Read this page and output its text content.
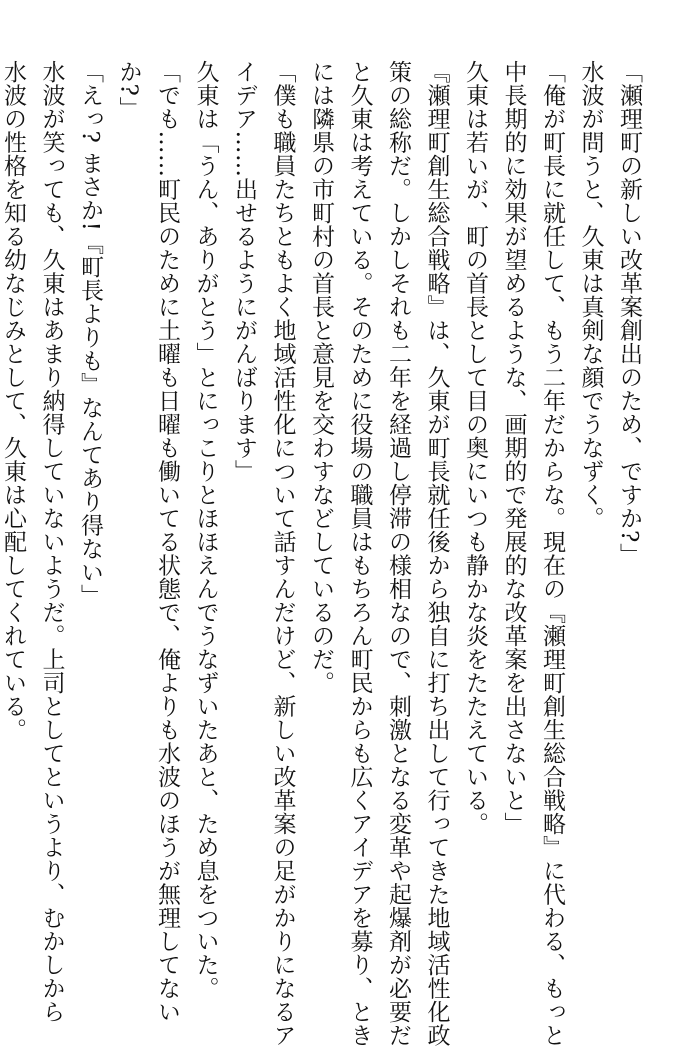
「瀬理町の新しい改革案創出のため、ですか?」

水波が問うと、久東は真剣な顔でうなずく。

「俺が町長に就任して、もう二年だからな。現在の『瀬理町創生総合戦略』に代わる、もっと

中長期的に効果が望めるような、画期的で発展的な改革案を出さないと」

久東は若いが、町の首長として目の奥にいつも静かな炎をたたえている。

『瀬理町創生総合戦略』は、久東が町長就任後から独自に打ち出して行ってきた地域活性化政

策の総称だ。しかしそれも二年を経過し停滞の様相なので、刺激となる変革や起爆剤が必要だ

と久東は考えている。そのために役場の職員はもちろん町民からも広くアイデアを募り、とき

には隣県の市町村の首長と意見を交わすなどしているのだ。

「僕も職員たちともよく地域活性化について話すんだけど、新しい改革案の足がかりになるア

イデア……出せるようにがんばります」

久東は「うん、ありがとう」とにっこりとほほえんでうなずいたあと、ため息をついた。

「でも……町民のために土曜も日曜も働いてる状態で、俺よりも水波のほうが無理してない

か?」

「えっ? まさか!『町長よりも』なんてあり得ない」

水波が笑っても、久東はあまり納得していないようだ。上司としてというより、むかしから

水波の性格を知る幼なじみとして、久東は心配してくれている。
